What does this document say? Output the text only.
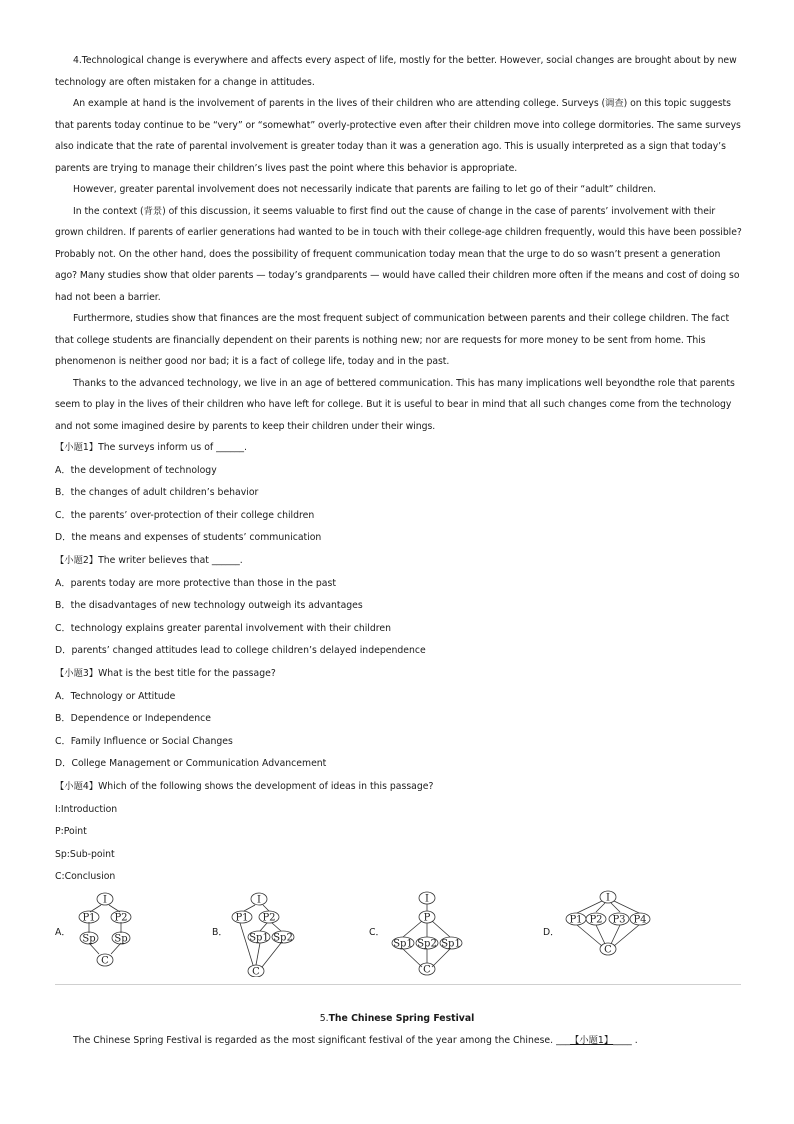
4.Technological change is everywhere and affects every aspect of life, mostly for the better. However, social changes are brought about by new technology are often mistaken for a change in attitudes.

An example at hand is the involvement of parents in the lives of their children who are attending college. Surveys (调查) on this topic suggests that parents today continue to be “very” or “somewhat” overly-protective even after their children move into college dormitories. The same surveys also indicate that the rate of parental involvement is greater today than it was a generation ago. This is usually interpreted as a sign that today’s parents are trying to manage their children’s lives past the point where this behavior is appropriate.

However, greater parental involvement does not necessarily indicate that parents are failing to let go of their “adult” children.

In the context (背景) of this discussion, it seems valuable to first find out the cause of change in the case of parents’ involvement with their grown children. If parents of earlier generations had wanted to be in touch with their college-age children frequently, would this have been possible? Probably not. On the other hand, does the possibility of frequent communication today mean that the urge to do so wasn’t present a generation ago? Many studies show that older parents — today’s grandparents — would have called their children more often if the means and cost of doing so had not been a barrier.

Furthermore, studies show that finances are the most frequent subject of communication between parents and their college children. The fact that college students are financially dependent on their parents is nothing new; nor are requests for more money to be sent from home. This phenomenon is neither good nor bad; it is a fact of college life, today and in the past.

Thanks to the advanced technology, we live in an age of bettered communication. This has many implications well beyondthe role that parents seem to play in the lives of their children who have left for college. But it is useful to bear in mind that all such changes come from the technology and not some imagined desire by parents to keep their children under their wings.

【小题1】The surveys inform us of ______.

A．the development of technology

B．the changes of adult children’s behavior

C．the parents’ over-protection of their college children

D．the means and expenses of students’ communication

【小题2】The writer believes that ______.

A．parents today are more protective than those in the past

B．the disadvantages of new technology outweigh its advantages

C．technology explains greater parental involvement with their children

D．parents’ changed attitudes lead to college children’s delayed independence

【小题3】What is the best title for the passage?

A．Technology or Attitude

B．Dependence or Independence

C．Family Influence or Social Changes

D．College Management or Communication Advancement

【小题4】Which of the following shows the development of ideas in this passage?

I:Introduction

P:Point

Sp:Sub-point

C:Conclusion

A．
I
P1 P2
Sp Sp
C
B．
I
P1 P2
Sp1 Sp2
C
C．
I
P
Sp1 Sp2 Sp1
C
D．
I
P1 P2 P3 P4
C
5.The Chinese Spring Festival
The Chinese Spring Festival is regarded as the most significant festival of the year among the Chinese. ___【小题1】____ .
